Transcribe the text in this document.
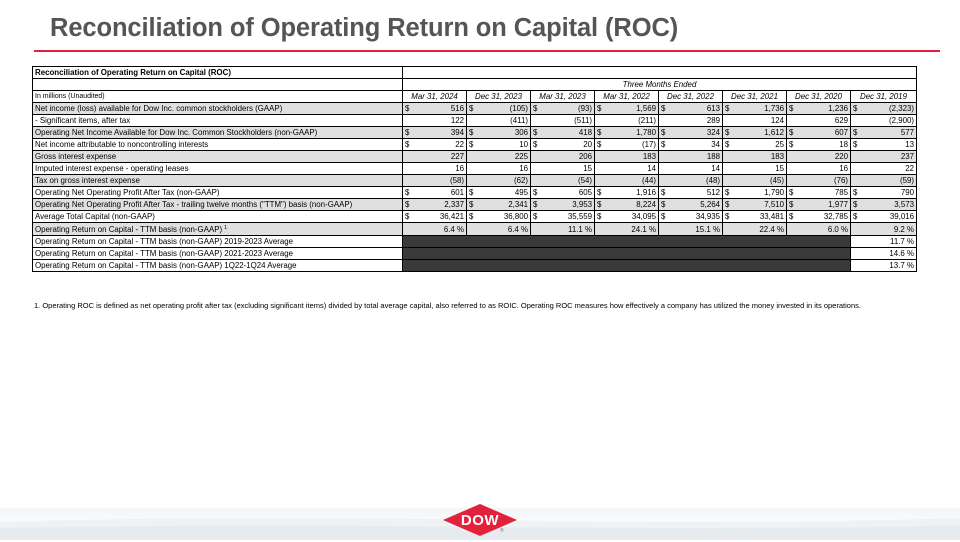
Reconciliation of Operating Return on Capital (ROC)
Reconciliation of Operating Return on Capital (ROC)								
	Three Months Ended							
In millions (Unaudited)	Mar 31, 2024	Dec 31, 2023	Mar 31, 2023	Mar 31, 2022	Dec 31, 2022	Dec 31, 2021	Dec 31, 2020	Dec 31, 2019
Net income (loss) available for Dow Inc. common stockholders (GAAP)	$ 516	$ (105)	$ (93)	$ 1,569	$ 613	$ 1,736	$ 1,236	$ (2,323)

- Significant items, after tax	122	(411)	(511)	(211)	289	124	629	(2,900)
Operating Net Income Available for Dow Inc. Common Stockholders (non-GAAP)	$ 394	$ 306	$ 418	$ 1,780	$ 324	$ 1,612	$ 607	$ 577

Net income attributable to noncontrolling interests	$ 22	$ 10	$ 20	$ (17)	$ 34	$ 25	$ 18	$ 13

Gross interest expense	227	225	206	183	188	183	220	237
Imputed interest expense - operating leases	16	16	15	14	14	15	16	22
Tax on gross interest expense	(58)	(62)	(54)	(44)	(48)	(45)	(76)	(59)
Operating Net Operating Profit After Tax (non-GAAP)	$ 601	$ 495	$ 605	$ 1,916	$ 512	$ 1,790	$ 785	$ 790

Operating Net Operating Profit After Tax - trailing twelve months ("TTM") basis (non-GAAP)	$ 2,337	$ 2,341	$ 3,953	$ 8,224	$ 5,264	$ 7,510	$ 1,977	$ 3,573

Average Total Capital (non-GAAP)	$ 36,421	$ 36,800	$ 35,559	$ 34,095	$ 34,935	$ 33,481	$ 32,785	$ 39,016

Operating Return on Capital - TTM basis (non-GAAP) $^1$	6.4 %	6.4 %	11.1 %	24.1 %	15.1 %	22.4 %	6.0 %	9.2 %
Operating Return on Capital - TTM basis (non-GAAP) 2019-2023 Average								11.7 %
Operating Return on Capital - TTM basis (non-GAAP) 2021-2023 Average								14.6 %
Operating Return on Capital - TTM basis (non-GAAP) 1Q22-1Q24 Average								13.7 %
1. Operating ROC is defined as net operating profit after tax (excluding significant items) divided by total average capital, also referred to as ROIC. Operating ROC measures how effectively a company has utilized the money invested in its operations.
DOW
®
